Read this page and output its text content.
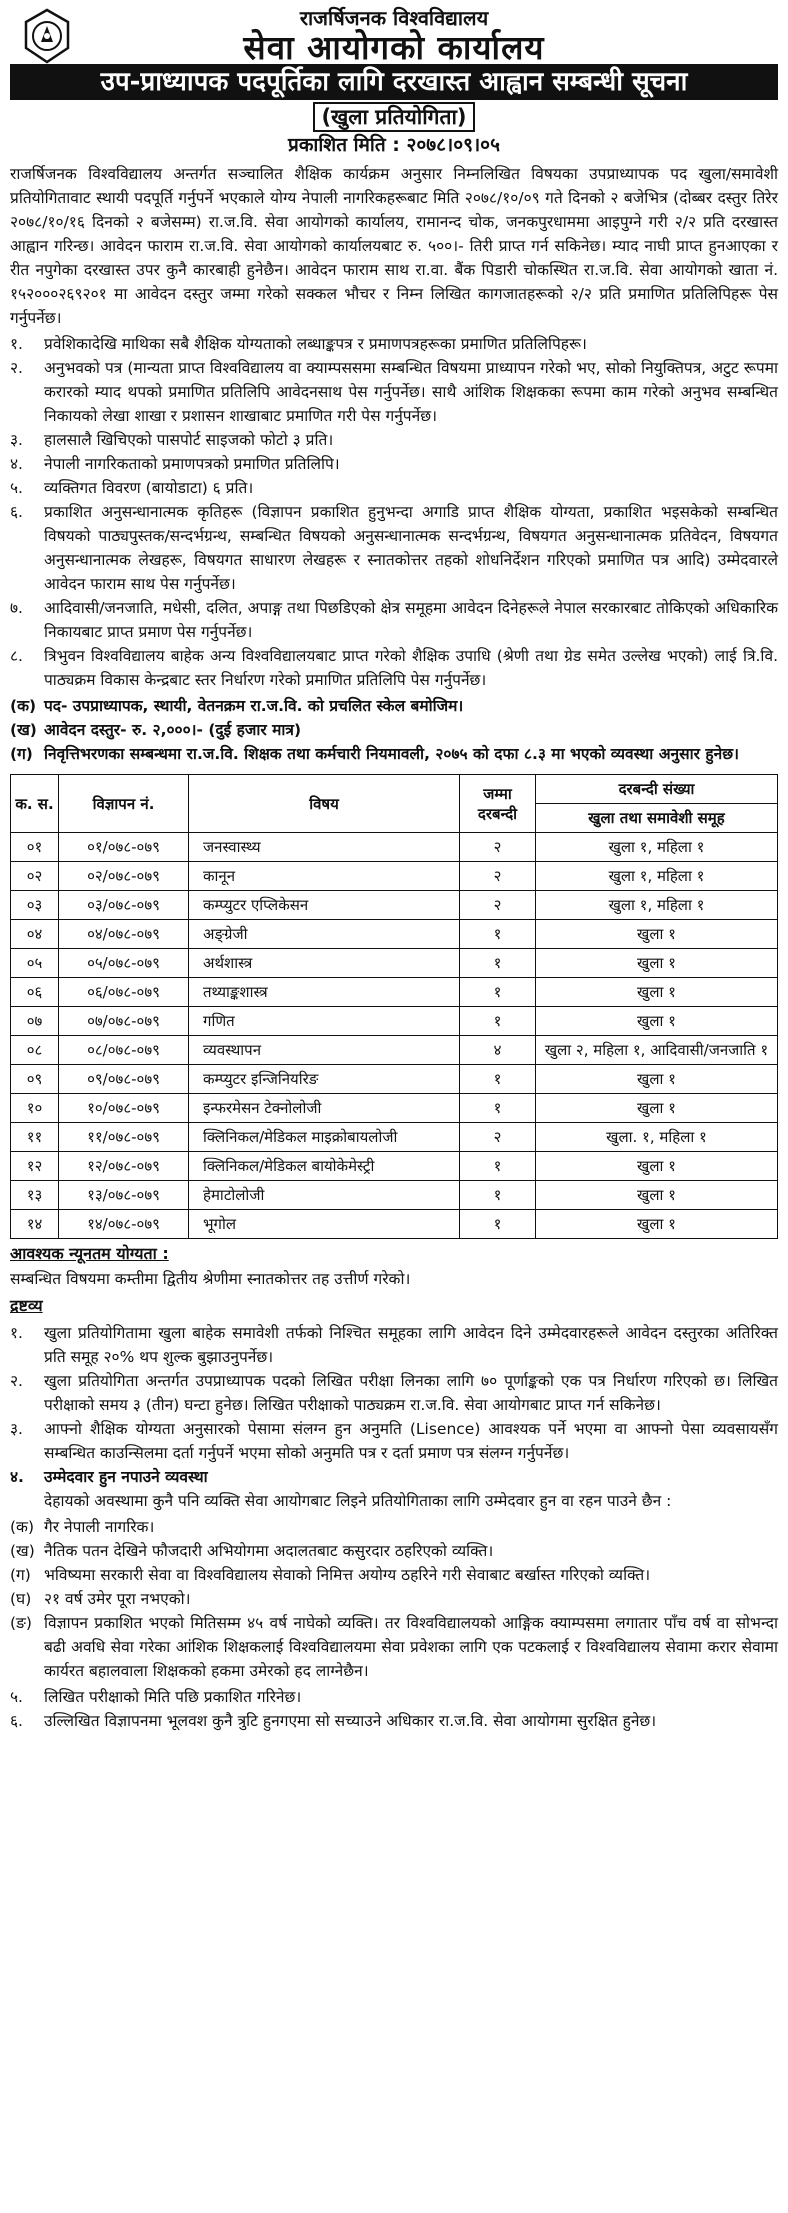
राजर्षिजनक विश्वविद्यालय
सेवा आयोगको कार्यालय
उप-प्राध्यापक पदपूर्तिका लागि दरखास्त आह्वान सम्बन्धी सूचना
(खुला प्रतियोगिता)
प्रकाशित मिति : २०७८।०९।०५

राजर्षिजनक विश्वविद्यालय अन्तर्गत सञ्चालित शैक्षिक कार्यक्रम अनुसार निम्नलिखित विषयका उपप्राध्यापक पद खुला/समावेशी प्रतियोगितावाट स्थायी पदपूर्ति गर्नुपर्ने भएकाले योग्य नेपाली नागरिकहरूबाट मिति २०७८/१०/०९ गते दिनको २ बजेभित्र (दोब्बर दस्तुर तिरेर २०७८/१०/१६ दिनको २ बजेसम्म) रा.ज.वि. सेवा आयोगको कार्यालय, रामानन्द चोक, जनकपुरधाममा आइपुग्ने गरी २/२ प्रति दरखास्त आह्वान गरिन्छ। आवेदन फाराम रा.ज.वि. सेवा आयोगको कार्यालयबाट रु. ५००।- तिरी प्राप्त गर्न सकिनेछ। म्याद नाघी प्राप्त हुनआएका र रीत नपुगेका दरखास्त उपर कुनै कारबाही हुनेछैन। आवेदन फाराम साथ रा.वा. बैंक पिडारी चोकस्थित रा.ज.वि. सेवा आयोगको खाता नं. १५२०००२६९२०१ मा आवेदन दस्तुर जम्मा गरेको सक्कल भौचर र निम्न लिखित कागजातहरूको २/२ प्रति प्रमाणित प्रतिलिपिहरू पेस गर्नुपर्नेछ।

१.	प्रवेशिकादेखि माथिका सबै शैक्षिक योग्यताको लब्धाङ्कपत्र र प्रमाणपत्रहरूका प्रमाणित प्रतिलिपिहरू।
२.	अनुभवको पत्र (मान्यता प्राप्त विश्वविद्यालय वा क्याम्पससमा सम्बन्धित विषयमा प्राध्यापन गरेको भए, सोको नियुक्तिपत्र, अटुट रूपमा करारको म्याद थपको प्रमाणित प्रतिलिपि आवेदनसाथ पेस गर्नुपर्नेछ। साथै आंशिक शिक्षकका रूपमा काम गरेको अनुभव सम्बन्धित निकायको लेखा शाखा र प्रशासन शाखाबाट प्रमाणित गरी पेस गर्नुपर्नेछ।
३.	हालसालै खिचिएको पासपोर्ट साइजको फोटो ३ प्रति।
४.	नेपाली नागरिकताको प्रमाणपत्रको प्रमाणित प्रतिलिपि।
५.	व्यक्तिगत विवरण (बायोडाटा) ६ प्रति।
६.	प्रकाशित अनुसन्धानात्मक कृतिहरू (विज्ञापन प्रकाशित हुनुभन्दा अगाडि प्राप्त शैक्षिक योग्यता, प्रकाशित भइसकेको सम्बन्धित विषयको पाठ्यपुस्तक/सन्दर्भग्रन्थ, सम्बन्धित विषयको अनुसन्धानात्मक सन्दर्भग्रन्थ, विषयगत अनुसन्धानात्मक प्रतिवेदन, विषयगत अनुसन्धानात्मक लेखहरू, विषयगत साधारण लेखहरू र स्नातकोत्तर तहको शोधनिर्देशन गरिएको प्रमाणित पत्र आदि) उम्मेदवारले आवेदन फाराम साथ पेस गर्नुपर्नेछ।
७.	आदिवासी/जनजाति, मधेसी, दलित, अपाङ्ग तथा पिछडिएको क्षेत्र समूहमा आवेदन दिनेहरूले नेपाल सरकारबाट तोकिएको अधिकारिक निकायबाट प्राप्त प्रमाण पेस गर्नुपर्नेछ।
८.	त्रिभुवन विश्वविद्यालय बाहेक अन्य विश्वविद्यालयबाट प्राप्त गरेको शैक्षिक उपाधि (श्रेणी तथा ग्रेड समेत उल्लेख भएको) लाई त्रि.वि. पाठ्यक्रम विकास केन्द्रबाट स्तर निर्धारण गरेको प्रमाणित प्रतिलिपि पेस गर्नुपर्नेछ।
(क) पद- उपप्राध्यापक, स्थायी, वेतनक्रम रा.ज.वि. को प्रचलित स्केल बमोजिम।
(ख) आवेदन दस्तुर- रु. २,०००।- (दुई हजार मात्र)
(ग) निवृत्तिभरणका सम्बन्धमा रा.ज.वि. शिक्षक तथा कर्मचारी नियमावली, २०७५ को दफा ८.३ मा भएको व्यवस्था अनुसार हुनेछ।
क. स.	विज्ञापन नं.	विषय	जम्मा दरबन्दी	दरबन्दी संख्या
				खुला तथा समावेशी समूह
०१	०१/०७८-०७९	जनस्वास्थ्य	२	खुला १, महिला १
०२	०२/०७८-०७९	कानून	२	खुला १, महिला १
०३	०३/०७८-०७९	कम्प्युटर एप्लिकेसन	२	खुला १, महिला १
०४	०४/०७८-०७९	अङ्ग्रेजी	१	खुला १
०५	०५/०७८-०७९	अर्थशास्त्र	१	खुला १
०६	०६/०७८-०७९	तथ्याङ्कशास्त्र	१	खुला १
०७	०७/०७८-०७९	गणित	१	खुला १
०८	०८/०७८-०७९	व्यवस्थापन	४	खुला २, महिला १, आदिवासी/जनजाति १
०९	०९/०७८-०७९	कम्प्युटर इन्जिनियरिङ	१	खुला १
१०	१०/०७८-०७९	इन्फरमेसन टेक्नोलोजी	१	खुला १
११	११/०७८-०७९	क्लिनिकल/मेडिकल माइक्रोबायलोजी	२	खुला. १, महिला १
१२	१२/०७८-०७९	क्लिनिकल/मेडिकल बायोकेमेस्ट्री	१	खुला १
१३	१३/०७८-०७९	हेमाटोलोजी	१	खुला १
१४	१४/०७८-०७९	भूगोल	१	खुला १
आवश्यक न्यूनतम योग्यता :

सम्बन्धित विषयमा कम्तीमा द्वितीय श्रेणीमा स्नातकोत्तर तह उत्तीर्ण गरेको।

द्रष्टव्य
१.	खुला प्रतियोगितामा खुला बाहेक समावेशी तर्फको निश्चित समूहका लागि आवेदन दिने उम्मेदवारहरूले आवेदन दस्तुरका अतिरिक्त प्रति समूह २०% थप शुल्क बुझाउनुपर्नेछ।
२.	खुला प्रतियोगिता अन्तर्गत उपप्राध्यापक पदको लिखित परीक्षा लिनका लागि ७० पूर्णाङ्कको एक पत्र निर्धारण गरिएको छ। लिखित परीक्षाको समय ३ (तीन) घन्टा हुनेछ। लिखित परीक्षाको पाठ्यक्रम रा.ज.वि. सेवा आयोगबाट प्राप्त गर्न सकिनेछ।
३.	आफ्नो शैक्षिक योग्यता अनुसारको पेसामा संलग्न हुन अनुमति (Lisence) आवश्यक पर्ने भएमा वा आफ्नो पेसा व्यवसायसँग सम्बन्धित काउन्सिलमा दर्ता गर्नुपर्ने भएमा सोको अनुमति पत्र र दर्ता प्रमाण पत्र संलग्न गर्नुपर्नेछ।
४.	उम्मेदवार हुन नपाउने व्यवस्था
देहायको अवस्थामा कुनै पनि व्यक्ति सेवा आयोगबाट लिइने प्रतियोगिताका लागि उम्मेदवार हुन वा रहन पाउने छैन :
(क) गैर नेपाली नागरिक।
(ख) नैतिक पतन देखिने फौजदारी अभियोगमा अदालतबाट कसुरदार ठहरिएको व्यक्ति।
(ग) भविष्यमा सरकारी सेवा वा विश्वविद्यालय सेवाको निमित्त अयोग्य ठहरिने गरी सेवाबाट बर्खास्त गरिएको व्यक्ति।
(घ) २१ वर्ष उमेर पूरा नभएको।
(ङ) विज्ञापन प्रकाशित भएको मितिसम्म ४५ वर्ष नाघेको व्यक्ति। तर विश्वविद्यालयको आङ्गिक क्याम्पसमा लगातार पाँच वर्ष वा सोभन्दा बढी अवधि सेवा गरेका आंशिक शिक्षकलाई विश्वविद्यालयमा सेवा प्रवेशका लागि एक पटकलाई र विश्वविद्यालय सेवामा करार सेवामा कार्यरत बहालवाला शिक्षकको हकमा उमेरको हद लाग्नेछैन।
५.	लिखित परीक्षाको मिति पछि प्रकाशित गरिनेछ।
६.	उल्लिखित विज्ञापनमा भूलवश कुनै त्रुटि हुनगएमा सो सच्याउने अधिकार रा.ज.वि. सेवा आयोगमा सुरक्षित हुनेछ।
